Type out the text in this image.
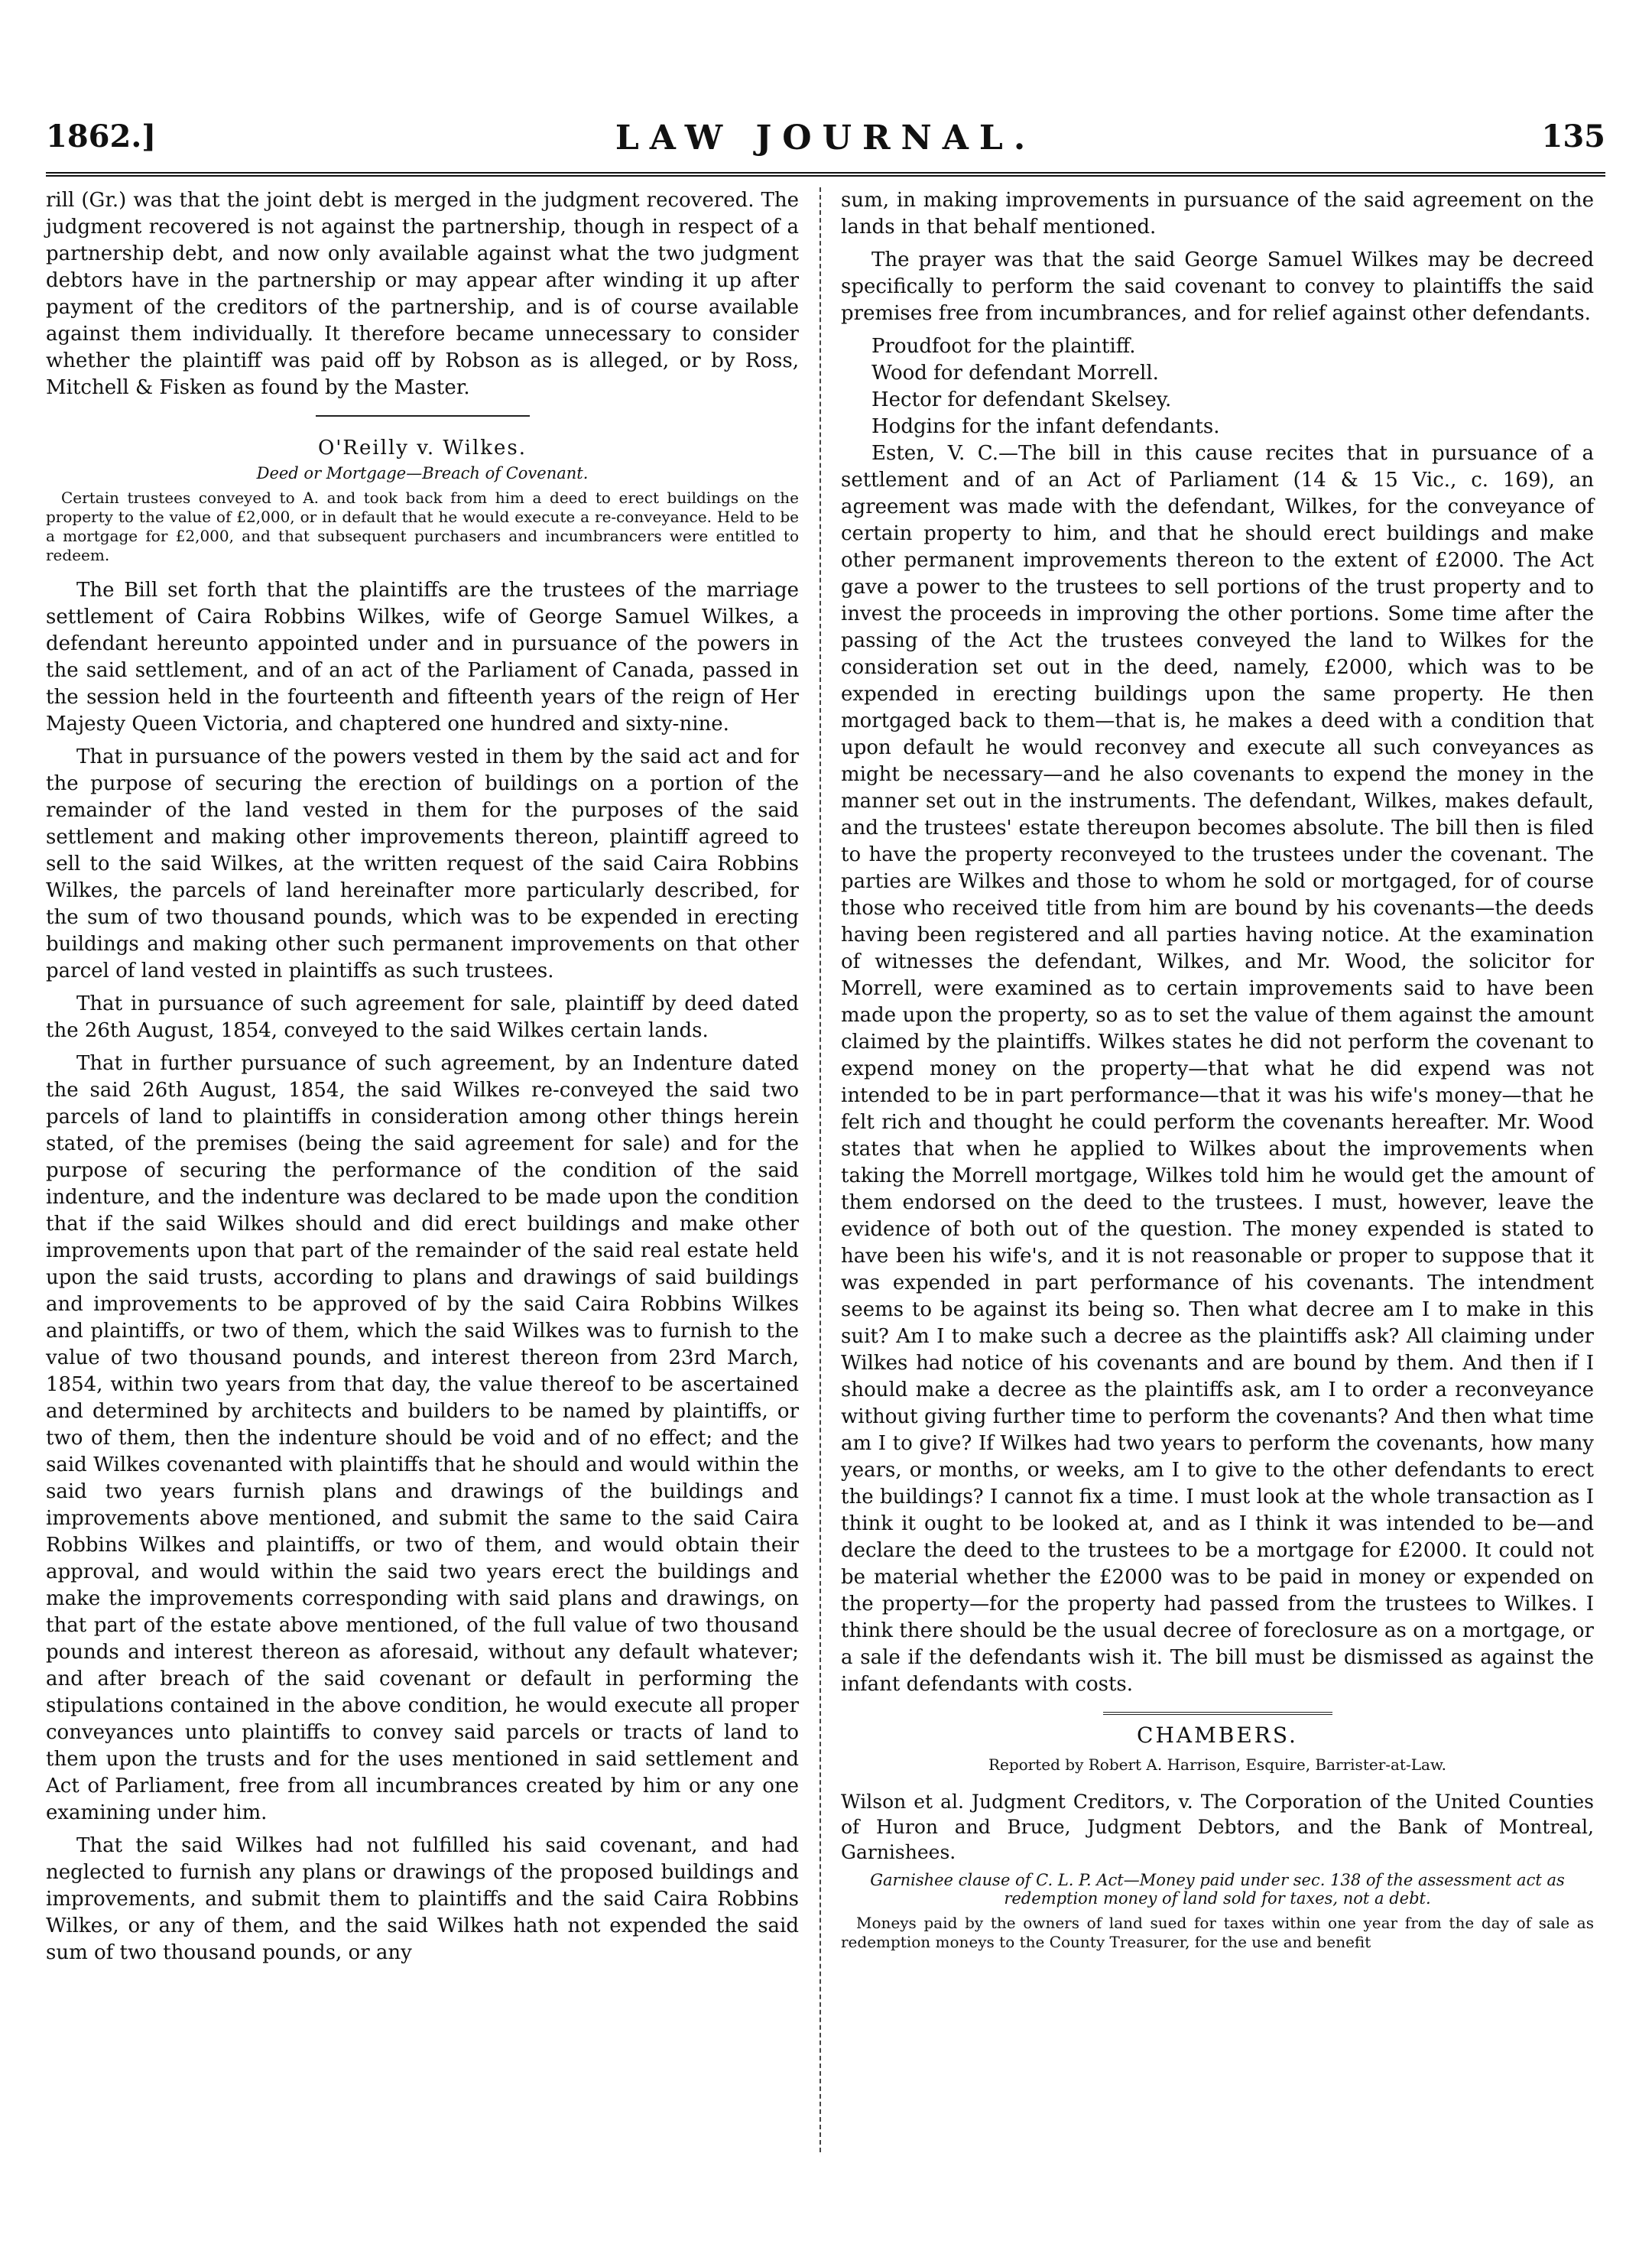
1862.]	LAW JOURNAL.	135

rill (Gr.) was that the joint debt is merged in the judgment recovered. The judgment recovered is not against the partnership, though in respect of a partnership debt, and now only available against what the two judgment debtors have in the partnership or may appear after winding it up after payment of the creditors of the partnership, and is of course available against them individually. It therefore became unnecessary to consider whether the plaintiff was paid off by Robson as is alleged, or by Ross, Mitchell & Fisken as found by the Master.

O'Reilly v. Wilkes.
Deed or Mortgage—Breach of Covenant.
Certain trustees conveyed to A. and took back from him a deed to erect buildings on the property to the value of £2,000, or in default that he would execute a re-conveyance. Held to be a mortgage for £2,000, and that subsequent purchasers and incumbrancers were entitled to redeem.

The Bill set forth that the plaintiffs are the trustees of the marriage settlement of Caira Robbins Wilkes, wife of George Samuel Wilkes, a defendant hereunto appointed under and in pursuance of the powers in the said settlement, and of an act of the Parliament of Canada, passed in the session held in the fourteenth and fifteenth years of the reign of Her Majesty Queen Victoria, and chaptered one hundred and sixty-nine.

That in pursuance of the powers vested in them by the said act and for the purpose of securing the erection of buildings on a portion of the remainder of the land vested in them for the purposes of the said settlement and making other improvements thereon, plaintiff agreed to sell to the said Wilkes, at the written request of the said Caira Robbins Wilkes, the parcels of land hereinafter more particularly described, for the sum of two thousand pounds, which was to be expended in erecting buildings and making other such permanent improvements on that other parcel of land vested in plaintiffs as such trustees.

That in pursuance of such agreement for sale, plaintiff by deed dated the 26th August, 1854, conveyed to the said Wilkes certain lands.

That in further pursuance of such agreement, by an Indenture dated the said 26th August, 1854, the said Wilkes re-conveyed the said two parcels of land to plaintiffs in consideration among other things herein stated, of the premises (being the said agreement for sale) and for the purpose of securing the performance of the condition of the said indenture, and the indenture was declared to be made upon the condition that if the said Wilkes should and did erect buildings and make other improvements upon that part of the remainder of the said real estate held upon the said trusts, according to plans and drawings of said buildings and improvements to be approved of by the said Caira Robbins Wilkes and plaintiffs, or two of them, which the said Wilkes was to furnish to the value of two thousand pounds, and interest thereon from 23rd March, 1854, within two years from that day, the value thereof to be ascertained and determined by architects and builders to be named by plaintiffs, or two of them, then the indenture should be void and of no effect; and the said Wilkes covenanted with plaintiffs that he should and would within the said two years furnish plans and drawings of the buildings and improvements above mentioned, and submit the same to the said Caira Robbins Wilkes and plaintiffs, or two of them, and would obtain their approval, and would within the said two years erect the buildings and make the improvements corresponding with said plans and drawings, on that part of the estate above mentioned, of the full value of two thousand pounds and interest thereon as aforesaid, without any default whatever; and after breach of the said covenant or default in performing the stipulations contained in the above condition, he would execute all proper conveyances unto plaintiffs to convey said parcels or tracts of land to them upon the trusts and for the uses mentioned in said settlement and Act of Parliament, free from all incumbrances created by him or any one examining under him.

That the said Wilkes had not fulfilled his said covenant, and had neglected to furnish any plans or drawings of the proposed buildings and improvements, and submit them to plaintiffs and the said Caira Robbins Wilkes, or any of them, and the said Wilkes hath not expended the said sum of two thousand pounds, or any

sum, in making improvements in pursuance of the said agreement on the lands in that behalf mentioned.

The prayer was that the said George Samuel Wilkes may be decreed specifically to perform the said covenant to convey to plaintiffs the said premises free from incumbrances, and for relief against other defendants.

Proudfoot for the plaintiff.
Wood for defendant Morrell.
Hector for defendant Skelsey.
Hodgins for the infant defendants.

Esten, V. C.—The bill in this cause recites that in pursuance of a settlement and of an Act of Parliament (14 & 15 Vic., c. 169), an agreement was made with the defendant, Wilkes, for the conveyance of certain property to him, and that he should erect buildings and make other permanent improvements thereon to the extent of £2000. The Act gave a power to the trustees to sell portions of the trust property and to invest the proceeds in improving the other portions. Some time after the passing of the Act the trustees conveyed the land to Wilkes for the consideration set out in the deed, namely, £2000, which was to be expended in erecting buildings upon the same property. He then mortgaged back to them—that is, he makes a deed with a condition that upon default he would reconvey and execute all such conveyances as might be necessary—and he also covenants to expend the money in the manner set out in the instruments. The defendant, Wilkes, makes default, and the trustees' estate thereupon becomes absolute. The bill then is filed to have the property reconveyed to the trustees under the covenant. The parties are Wilkes and those to whom he sold or mortgaged, for of course those who received title from him are bound by his covenants—the deeds having been registered and all parties having notice. At the examination of witnesses the defendant, Wilkes, and Mr. Wood, the solicitor for Morrell, were examined as to certain improvements said to have been made upon the property, so as to set the value of them against the amount claimed by the plaintiffs. Wilkes states he did not perform the covenant to expend money on the property—that what he did expend was not intended to be in part performance—that it was his wife's money—that he felt rich and thought he could perform the covenants hereafter. Mr. Wood states that when he applied to Wilkes about the improvements when taking the Morrell mortgage, Wilkes told him he would get the amount of them endorsed on the deed to the trustees. I must, however, leave the evidence of both out of the question. The money expended is stated to have been his wife's, and it is not reasonable or proper to suppose that it was expended in part performance of his covenants. The intendment seems to be against its being so. Then what decree am I to make in this suit? Am I to make such a decree as the plaintiffs ask? All claiming under Wilkes had notice of his covenants and are bound by them. And then if I should make a decree as the plaintiffs ask, am I to order a reconveyance without giving further time to perform the covenants? And then what time am I to give? If Wilkes had two years to perform the covenants, how many years, or months, or weeks, am I to give to the other defendants to erect the buildings? I cannot fix a time. I must look at the whole transaction as I think it ought to be looked at, and as I think it was intended to be—and declare the deed to the trustees to be a mortgage for £2000. It could not be material whether the £2000 was to be paid in money or expended on the property—for the property had passed from the trustees to Wilkes. I think there should be the usual decree of foreclosure as on a mortgage, or a sale if the defendants wish it. The bill must be dismissed as against the infant defendants with costs.

CHAMBERS.
Reported by Robert A. Harrison, Esquire, Barrister-at-Law.
Wilson et al. Judgment Creditors, v. The Corporation of the United Counties of Huron and Bruce, Judgment Debtors, and the Bank of Montreal, Garnishees.
Garnishee clause of C. L. P. Act—Money paid under sec. 138 of the assessment act as redemption money of land sold for taxes, not a debt.
Moneys paid by the owners of land sued for taxes within one year from the day of sale as redemption moneys to the County Treasurer, for the use and benefit
